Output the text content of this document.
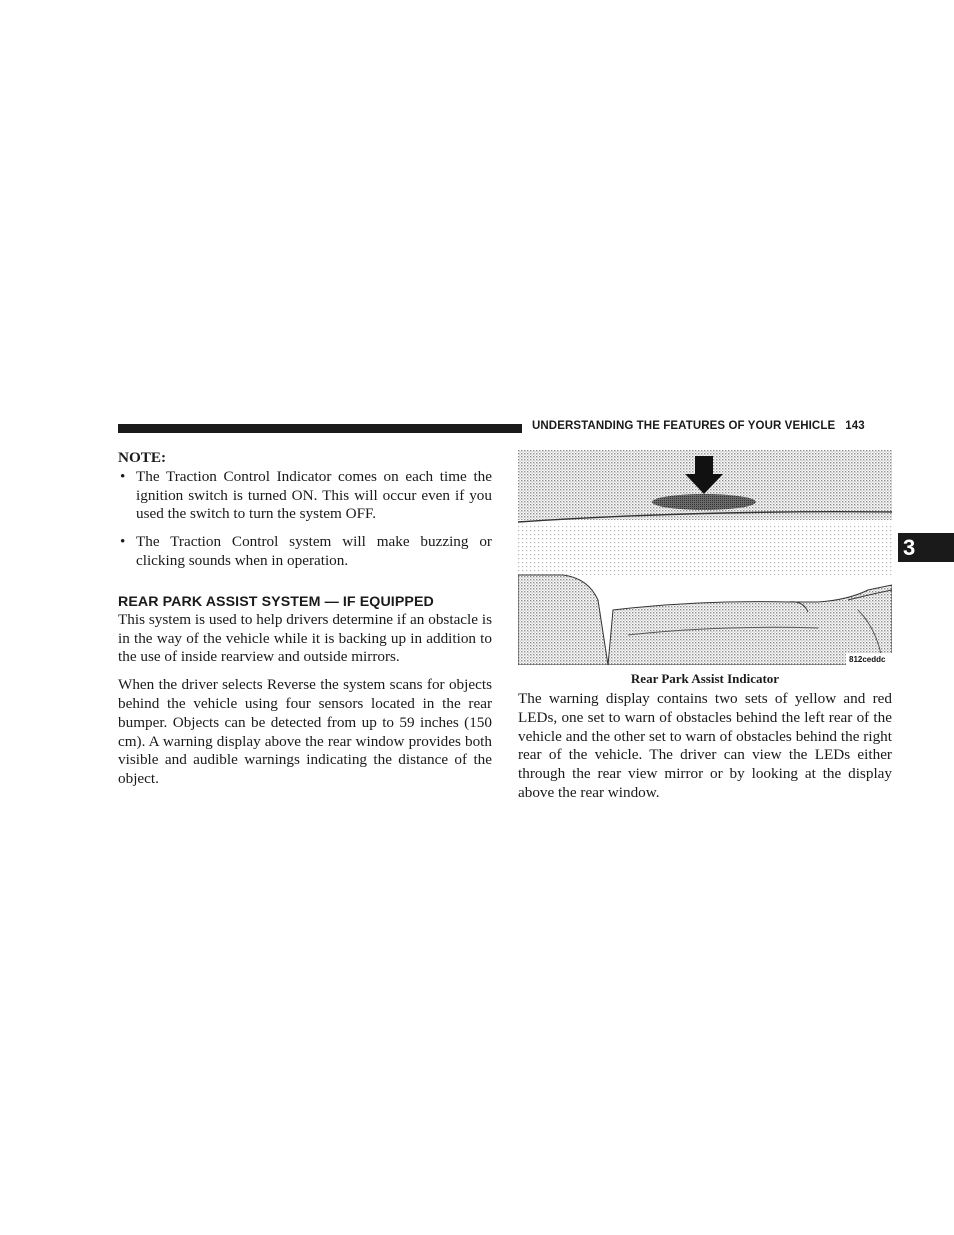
UNDERSTANDING THE FEATURES OF YOUR VEHICLE 143
3
NOTE:
• The Traction Control Indicator comes on each time the ignition switch is turned ON. This will occur even if you used the switch to turn the system OFF.
• The Traction Control system will make buzzing or clicking sounds when in operation.
REAR PARK ASSIST SYSTEM — IF EQUIPPED

This system is used to help drivers determine if an obstacle is in the way of the vehicle while it is backing up in addition to the use of inside rearview and outside mirrors.

When the driver selects Reverse the system scans for objects behind the vehicle using four sensors located in the rear bumper. Objects can be detected from up to 59 inches (150 cm). A warning display above the rear window provides both visible and audible warnings indicating the distance of the object.

812ceddc
Rear Park Assist Indicator

The warning display contains two sets of yellow and red LEDs, one set to warn of obstacles behind the left rear of the vehicle and the other set to warn of obstacles behind the right rear of the vehicle. The driver can view the LEDs either through the rear view mirror or by looking at the display above the rear window.
